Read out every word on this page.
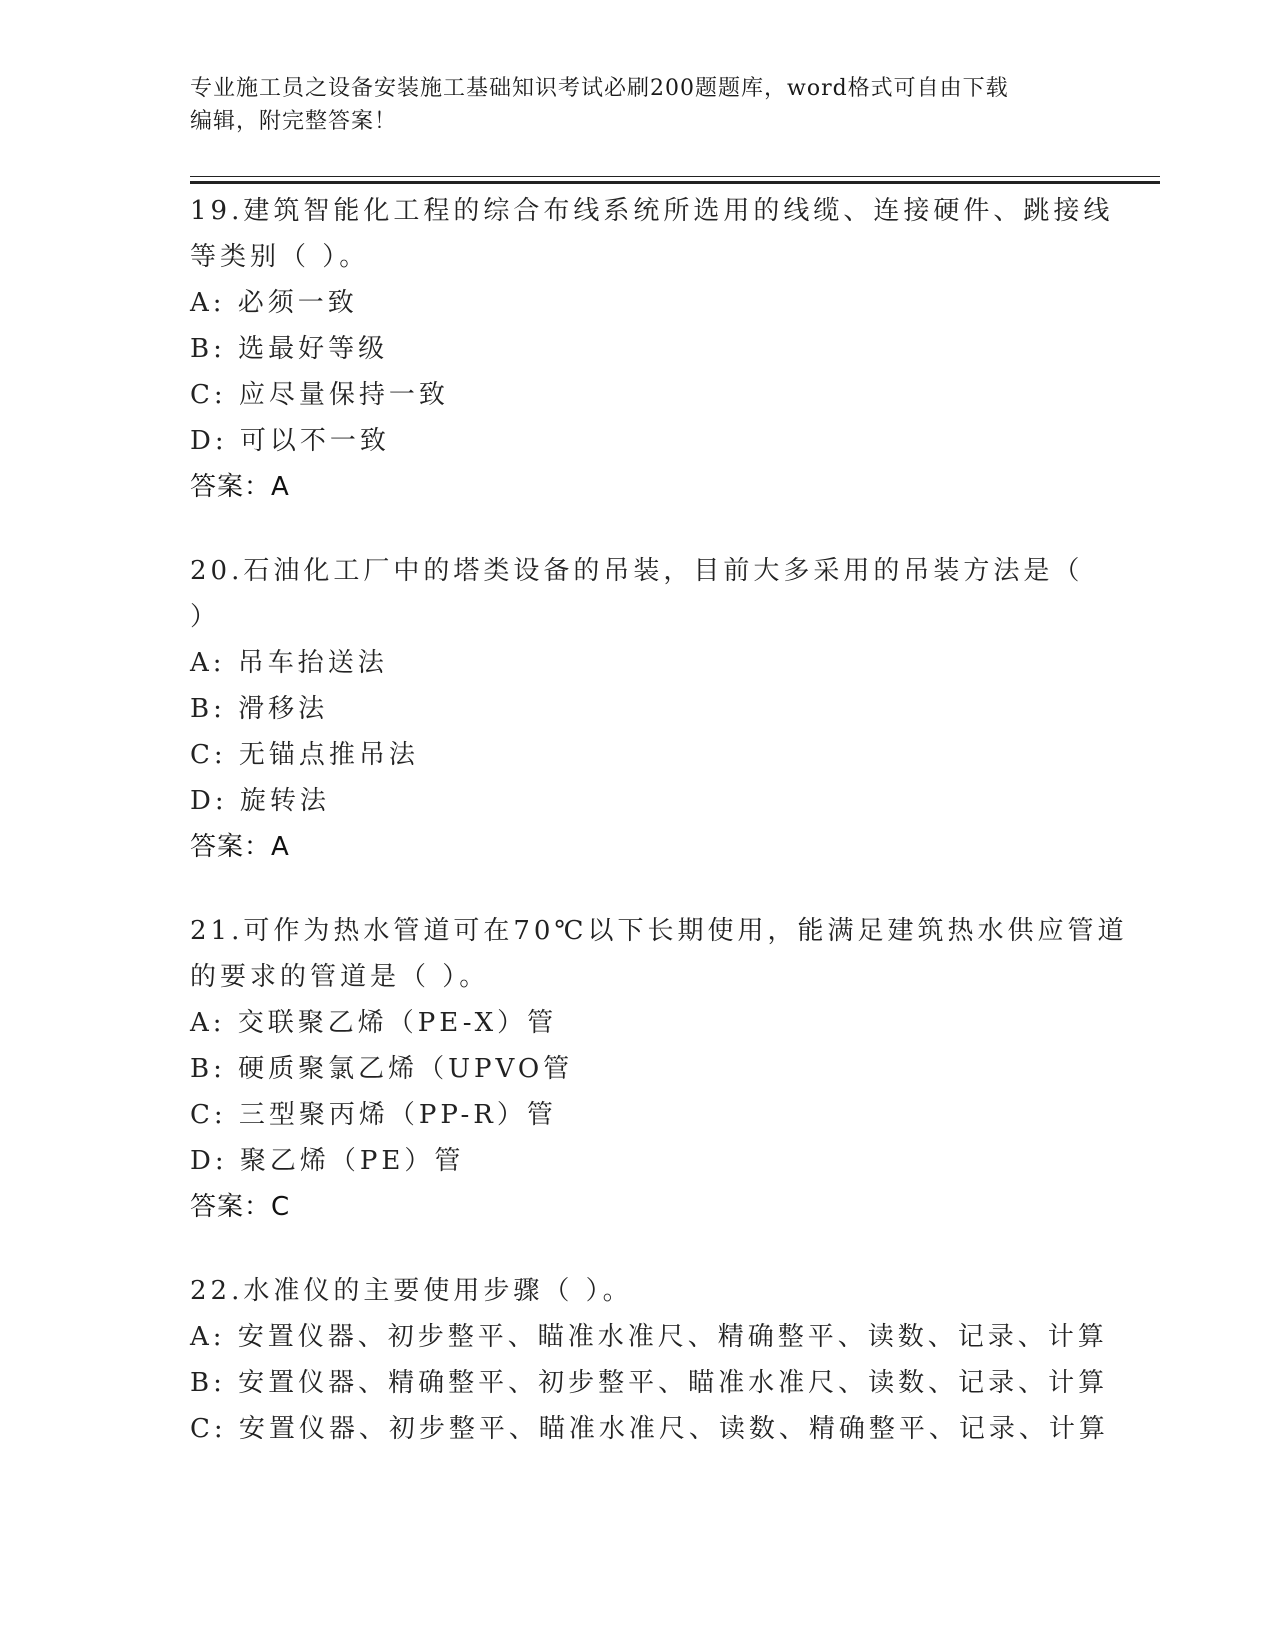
专业施工员之设备安装施工基础知识考试必刷200题题库，word格式可自由下载
编辑，附完整答案！
19.建筑智能化工程的综合布线系统所选用的线缆、连接硬件、跳接线
等类别（ ）。
A: 必须一致
B: 选最好等级
C: 应尽量保持一致
D: 可以不一致
答案：A
20.石油化工厂中的塔类设备的吊装，目前大多采用的吊装方法是（
）
A: 吊车抬送法
B: 滑移法
C: 无锚点推吊法
D: 旋转法
答案：A
21.可作为热水管道可在70℃以下长期使用，能满足建筑热水供应管道
的要求的管道是（ ）。
A: 交联聚乙烯（PE-X）管
B: 硬质聚氯乙烯（UPVO管
C: 三型聚丙烯（PP-R）管
D: 聚乙烯（PE）管
答案：C
22.水准仪的主要使用步骤（ ）。
A: 安置仪器、初步整平、瞄准水准尺、精确整平、读数、记录、计算
B: 安置仪器、精确整平、初步整平、瞄准水准尺、读数、记录、计算
C: 安置仪器、初步整平、瞄准水准尺、读数、精确整平、记录、计算
